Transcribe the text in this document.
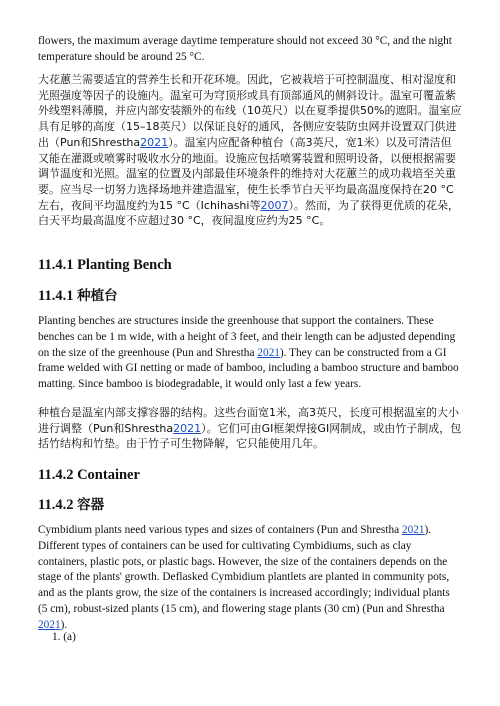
flowers, the maximum average daytime temperature should not exceed 30 °C, and the night temperature should be around 25 °C.

大花蕙兰需要适宜的营养生长和开花环境。因此，它被栽培于可控制温度、相对湿度和光照强度等因子的设施内。温室可为穹顶形或具有顶部通风的侧斜设计。温室可覆盖紫外线塑料薄膜，并应内部安装额外的布线（10英尺）以在夏季提供50%的遮阳。温室应具有足够的高度（15–18英尺）以保证良好的通风，各侧应安装防虫网并设置双门供进出（Pun和Shrestha2021）。温室内应配备种植台（高3英尺，宽1米）以及可清洁但又能在灌溉或喷雾时吸收水分的地面。设施应包括喷雾装置和照明设备，以便根据需要调节温度和光照。温室的位置及内部最佳环境条件的维持对大花蕙兰的成功栽培至关重要。应当尽一切努力选择场地并建造温室，使生长季节白天平均最高温度保持在20 °C左右，夜间平均温度约为15 °C（Ichihashi等2007）。然而，为了获得更优质的花朵，白天平均最高温度不应超过30 °C，夜间温度应约为25 °C。

11.4.1 Planting Bench
11.4.1 种植台

Planting benches are structures inside the greenhouse that support the containers. These benches can be 1 m wide, with a height of 3 feet, and their length can be adjusted depending on the size of the greenhouse (Pun and Shrestha 2021). They can be constructed from a GI frame welded with GI netting or made of bamboo, including a bamboo structure and bamboo matting. Since bamboo is biodegradable, it would only last a few years.

种植台是温室内部支撑容器的结构。这些台面宽1米，高3英尺，长度可根据温室的大小进行调整（Pun和Shrestha2021）。它们可由GI框架焊接GI网制成，或由竹子制成，包括竹结构和竹垫。由于竹子可生物降解，它只能使用几年。

11.4.2 Container
11.4.2 容器

Cymbidium plants need various types and sizes of containers (Pun and Shrestha 2021). Different types of containers can be used for cultivating Cymbidiums, such as clay containers, plastic pots, or plastic bags. However, the size of the containers depends on the stage of the plants' growth. Deflasked Cymbidium plantlets are planted in community pots, and as the plants grow, the size of the containers is increased accordingly; individual plants (5 cm), robust-sized plants (15 cm), and flowering stage plants (30 cm) (Pun and Shrestha 2021).

1. (a)
